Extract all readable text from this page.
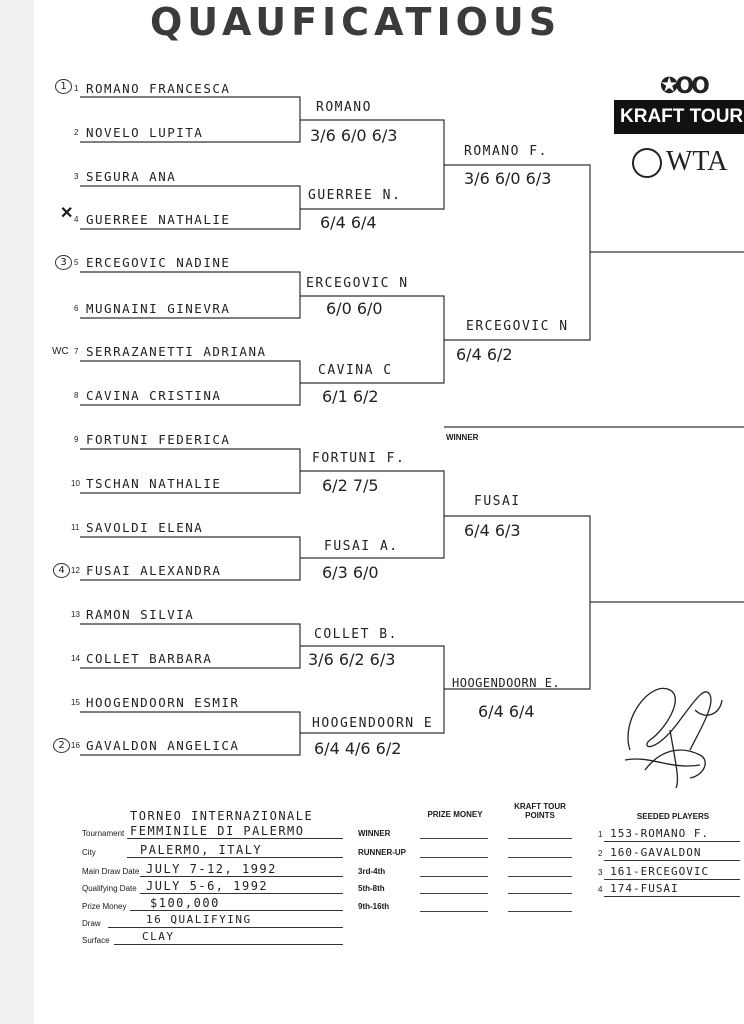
QUAUFICATIOUS
✪OO
KRAFT TOUR
WTA
WINNER
1 1 ROMANO FRANCESCA
2 NOVELO LUPITA
3 SEGURA ANA
✕ 4 GUERREE NATHALIE
3 5 ERCEGOVIC NADINE
6 MUGNAINI GINEVRA
WC 7 SERRAZANETTI ADRIANA
8 CAVINA CRISTINA
9 FORTUNI FEDERICA
10 TSCHAN NATHALIE
11 SAVOLDI ELENA
4 12 FUSAI ALEXANDRA
13 RAMON SILVIA
14 COLLET BARBARA
15 HOOGENDOORN ESMIR
2 16 GAVALDON ANGELICA
ROMANO
3/6 6/0 6/3
GUERREE N.
6/4 6/4
ERCEGOVIC N
6/0 6/0
CAVINA C
6/1 6/2
FORTUNI F.
6/2 7/5
FUSAI A.
6/3 6/0
COLLET B.
3/6 6/2 6/3
HOOGENDOORN E
6/4 4/6 6/2
ROMANO F.
3/6 6/0 6/3
ERCEGOVIC N
6/4 6/2
FUSAI
6/4 6/3
HOOGENDOORN E.
6/4 6/4
TORNEO INTERNAZIONALE
Tournament FEMMINILE DI PALERMO
City	PALERMO, ITALY
Main Draw Date JULY 7-12, 1992
Qualifying Date JULY 5-6, 1992
Prize Money $100,000
Draw	16 QUALIFYING
Surface	CLAY
PRIZE MONEY
KRAFT TOUR POINTS
WINNER
RUNNER-UP
3rd-4th
5th-8th
9th-16th
SEEDED PLAYERS
1 153-ROMANO F.
2 160-GAVALDON
3 161-ERCEGOVIC
4 174-FUSAI
